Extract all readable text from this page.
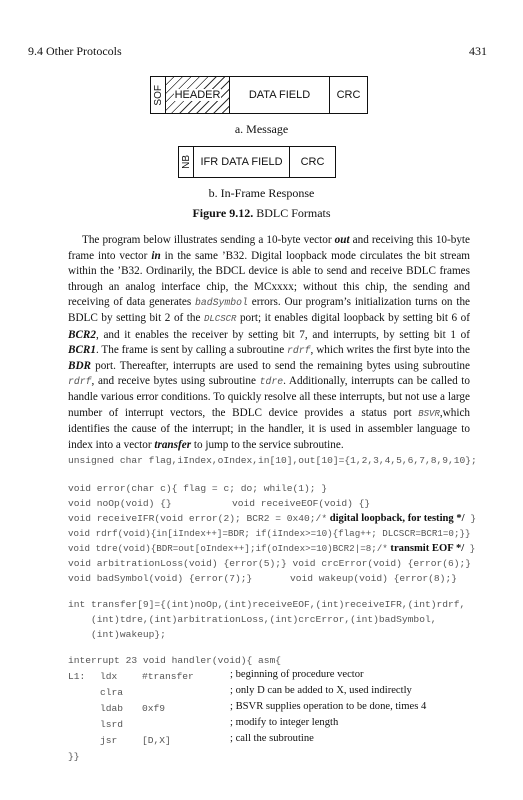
9.4 Other Protocols	431
SOF HEADER	DATA FIELD CRC
a. Message
NB IFR DATA FIELD CRC
b. In-Frame Response
Figure 9.12. BDLC Formats
The program below illustrates sending a 10-byte vector out and receiving this 10-byte frame into vector in in the same ’B32. Digital loopback mode circulates the bit stream within the ’B32. Ordinarily, the BDCL device is able to send and receive BDLC frames through an analog interface chip, the MCxxxx; without this chip, the sending and receiving of data generates badSymbol errors. Our program’s initialization turns on the BDLC by setting bit 2 of the DLCSCR port; it enables digital loopback by setting bit 6 of BCR2, and it enables the receiver by setting bit 7, and interrupts, by setting bit 1 of BCR1. The frame is sent by calling a subroutine rdrf, which writes the first byte into the BDR port. Thereafter, interrupts are used to send the remaining bytes using subroutine rdrf, and receive bytes using subroutine tdre. Additionally, interrupts can be called to handle various error conditions. To quickly resolve all these interrupts, but not use a large number of interrupt vectors, the BDLC device provides a status port BSVR,which identifies the cause of the interrupt; in the handler, it is used in assembler language to index into a vector transfer to jump to the service subroutine.
unsigned char flag,iIndex,oIndex,in[10],out[10]={1,2,3,4,5,6,7,8,9,10};
void error(char c){ flag = c; do; while(1); }
void noOp(void) {}	void receiveEOF(void) {}
void receiveIFR(void error(2); BCR2 = 0x40;/* digital loopback, for testing */ }
void rdrf(void){in[iIndex++]=BDR; if(iIndex>=10){flag++; DLCSCR=BCR1=0;}}
void tdre(void){BDR=out[oIndex++];if(oIndex>=10)BCR2|=8;/* transmit EOF */ }
void arbitrationLoss(void) {error(5);} void crcError(void) {error(6);}
void badSymbol(void) {error(7);}	void wakeup(void) {error(8);}
int transfer[9]={(int)noOp,(int)receiveEOF,(int)receiveIFR,(int)rdrf,
(int)tdre,(int)arbitrationLoss,(int)crcError,(int)badSymbol,
(int)wakeup};
interrupt 23 void handler(void){ asm{
L1: ldx	#transfer	; beginning of procedure vector
clra	; only D can be added to X, used indirectly
ldab 0xf9	; BSVR supplies operation to be done, times 4
lsrd	; modify to integer length
jsr	[D,X]	; call the subroutine
}}
